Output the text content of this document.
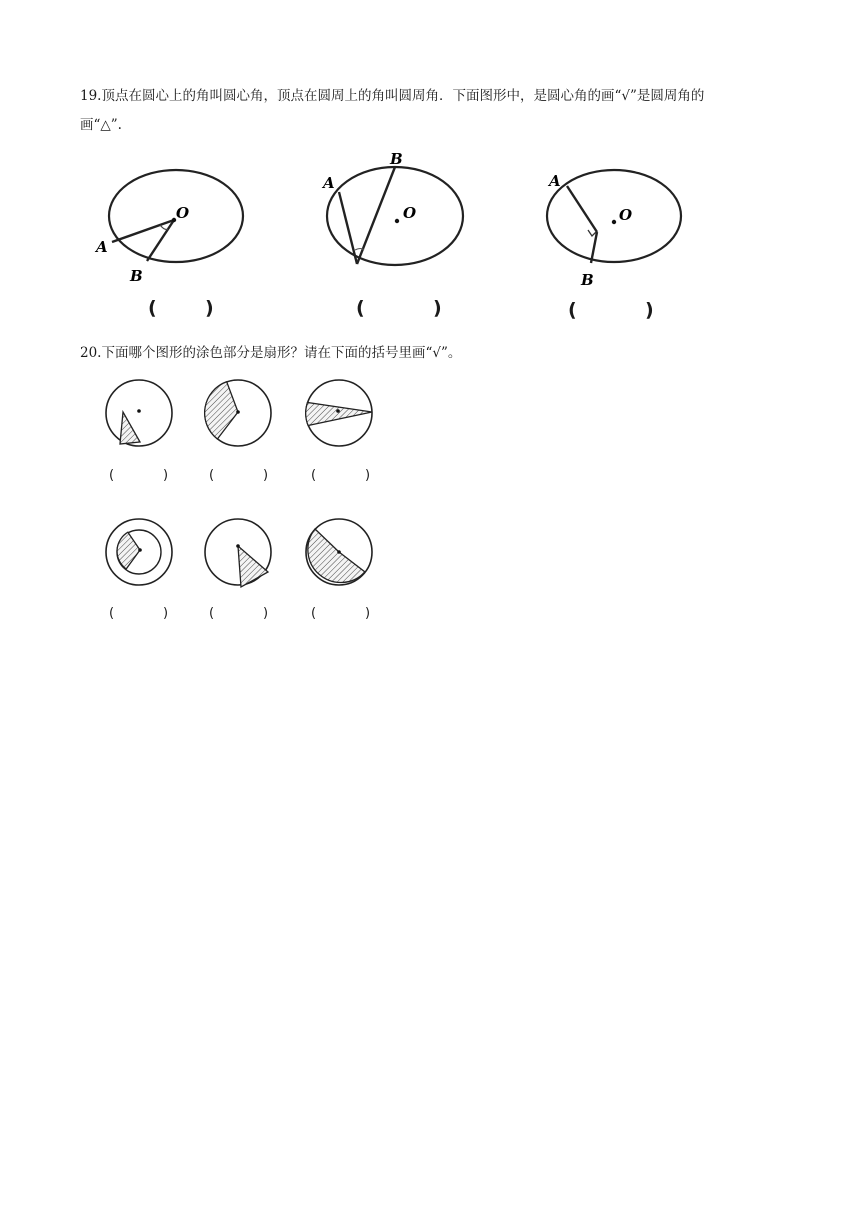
19.顶点在圆心上的角叫圆心角，顶点在圆周上的角叫圆周角．下面图形中，是圆心角的画“√”是圆周角的
画“△”.
O
A
B
O
A
B
O
A
B
(	)	(	)	(	)
20.下面哪个图形的涂色部分是扇形？请在下面的括号里画“√”。
(	)	(	)	(	)
(	)	(	)	(	)
